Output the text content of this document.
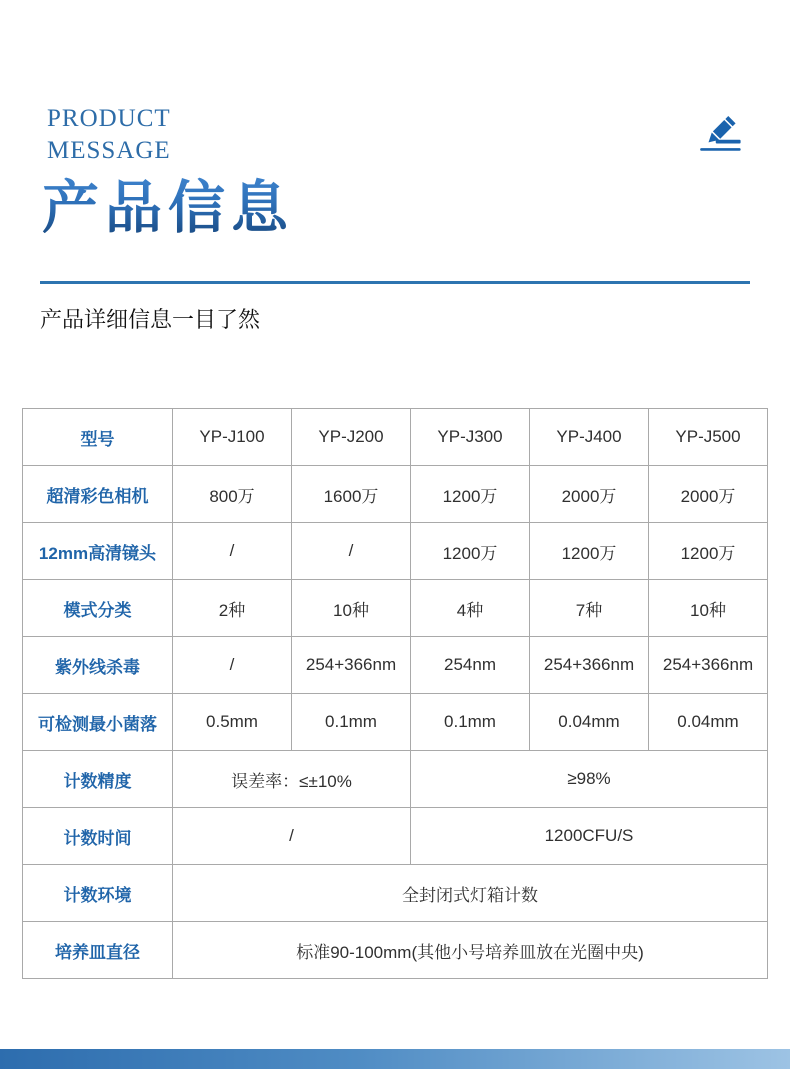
PRODUCT
MESSAGE
产品信息

产品详细信息一目了然

型号	YP-J100	YP-J200	YP-J300	YP-J400	YP-J500
超清彩色相机	800万	1600万	1200万	2000万	2000万
12mm高清镜头	/	/	1200万	1200万	1200万
模式分类	2种	10种	4种	7种	10种
紫外线杀毒	/	254+366nm	254nm	254+366nm	254+366nm
可检测最小菌落	0.5mm	0.1mm	0.1mm	0.04mm	0.04mm
计数精度	误差率：≤±10%		≥98%		
计数时间	/		1200CFU/S		
计数环境	全封闭式灯箱计数				
培养皿直径	标准90-100mm(其他小号培养皿放在光圈中央)				
